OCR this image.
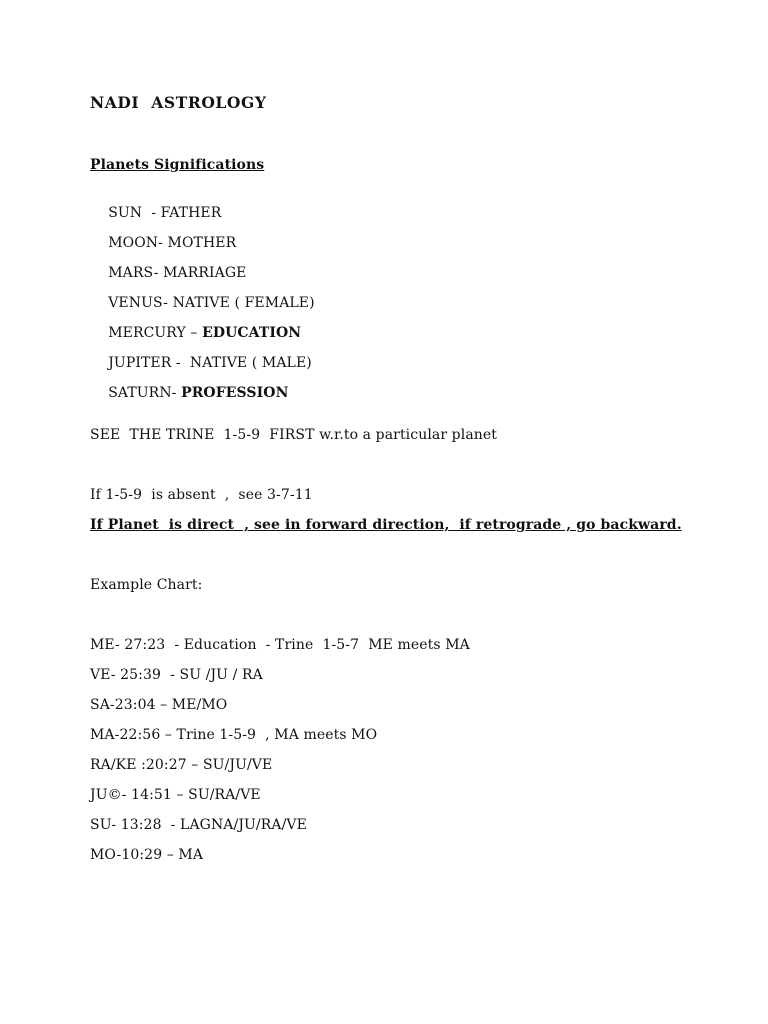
NADI  ASTROLOGY
Planets Significations

SUN  - FATHER

MOON- MOTHER

MARS- MARRIAGE

VENUS- NATIVE ( FEMALE)

MERCURY – EDUCATION

JUPITER -  NATIVE ( MALE)

SATURN- PROFESSION

SEE  THE TRINE  1-5-9  FIRST w.r.to a particular planet
If 1-5-9  is absent  ,  see 3-7-11
If Planet  is direct  , see in forward direction,  if retrograde , go backward.
Example Chart:
ME- 27:23  - Education  - Trine  1-5-7  ME meets MA
VE- 25:39  - SU /JU / RA
SA-23:04 – ME/MO
MA-22:56 – Trine 1-5-9  , MA meets MO
RA/KE :20:27 – SU/JU/VE
JU©- 14:51 – SU/RA/VE
SU- 13:28  - LAGNA/JU/RA/VE
MO-10:29 – MA
